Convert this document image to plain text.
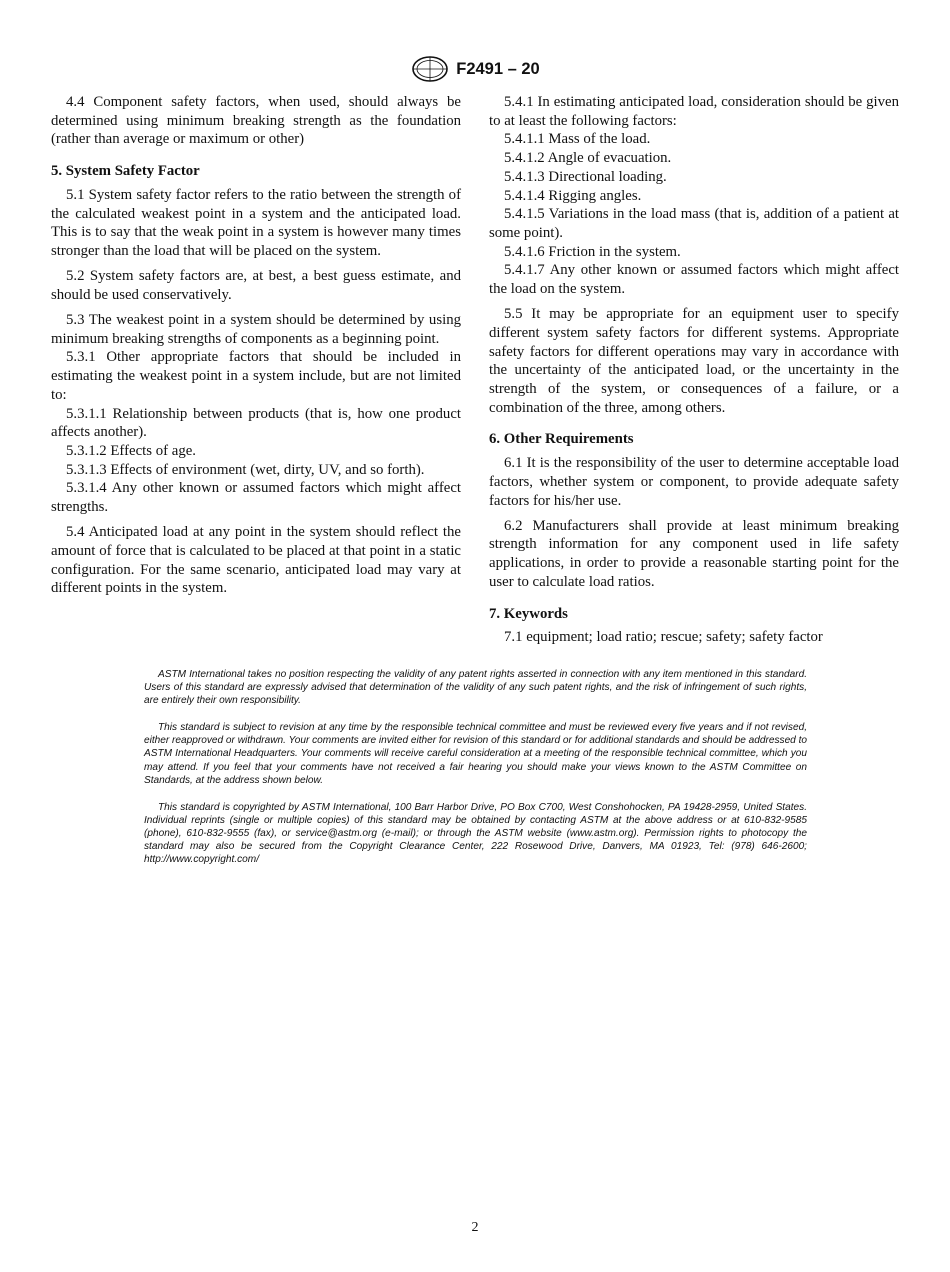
F2491 – 20

4.4 Component safety factors, when used, should always be determined using minimum breaking strength as the foundation (rather than average or maximum or other)

5. System Safety Factor

5.1 System safety factor refers to the ratio between the strength of the calculated weakest point in a system and the anticipated load. This is to say that the weak point in a system is however many times stronger than the load that will be placed on the system.

5.2 System safety factors are, at best, a best guess estimate, and should be used conservatively.

5.3 The weakest point in a system should be determined by using minimum breaking strengths of components as a beginning point.

5.3.1 Other appropriate factors that should be included in estimating the weakest point in a system include, but are not limited to:

5.3.1.1 Relationship between products (that is, how one product affects another).

5.3.1.2 Effects of age.

5.3.1.3 Effects of environment (wet, dirty, UV, and so forth).

5.3.1.4 Any other known or assumed factors which might affect strengths.

5.4 Anticipated load at any point in the system should reflect the amount of force that is calculated to be placed at that point in a static configuration. For the same scenario, anticipated load may vary at different points in the system.

5.4.1 In estimating anticipated load, consideration should be given to at least the following factors:

5.4.1.1 Mass of the load.

5.4.1.2 Angle of evacuation.

5.4.1.3 Directional loading.

5.4.1.4 Rigging angles.

5.4.1.5 Variations in the load mass (that is, addition of a patient at some point).

5.4.1.6 Friction in the system.

5.4.1.7 Any other known or assumed factors which might affect the load on the system.

5.5 It may be appropriate for an equipment user to specify different system safety factors for different systems. Appropriate safety factors for different operations may vary in accordance with the uncertainty of the anticipated load, or the uncertainty in the strength of the system, or consequences of a failure, or a combination of the three, among others.

6. Other Requirements

6.1 It is the responsibility of the user to determine acceptable load factors, whether system or component, to provide adequate safety factors for his/her use.

6.2 Manufacturers shall provide at least minimum breaking strength information for any component used in life safety applications, in order to provide a reasonable starting point for the user to calculate load ratios.

7. Keywords

7.1 equipment; load ratio; rescue; safety; safety factor

ASTM International takes no position respecting the validity of any patent rights asserted in connection with any item mentioned in this standard. Users of this standard are expressly advised that determination of the validity of any such patent rights, and the risk of infringement of such rights, are entirely their own responsibility.

This standard is subject to revision at any time by the responsible technical committee and must be reviewed every five years and if not revised, either reapproved or withdrawn. Your comments are invited either for revision of this standard or for additional standards and should be addressed to ASTM International Headquarters. Your comments will receive careful consideration at a meeting of the responsible technical committee, which you may attend. If you feel that your comments have not received a fair hearing you should make your views known to the ASTM Committee on Standards, at the address shown below.

This standard is copyrighted by ASTM International, 100 Barr Harbor Drive, PO Box C700, West Conshohocken, PA 19428-2959, United States. Individual reprints (single or multiple copies) of this standard may be obtained by contacting ASTM at the above address or at 610-832-9585 (phone), 610-832-9555 (fax), or service@astm.org (e-mail); or through the ASTM website (www.astm.org). Permission rights to photocopy the standard may also be secured from the Copyright Clearance Center, 222 Rosewood Drive, Danvers, MA 01923, Tel: (978) 646-2600; http://www.copyright.com/

2
